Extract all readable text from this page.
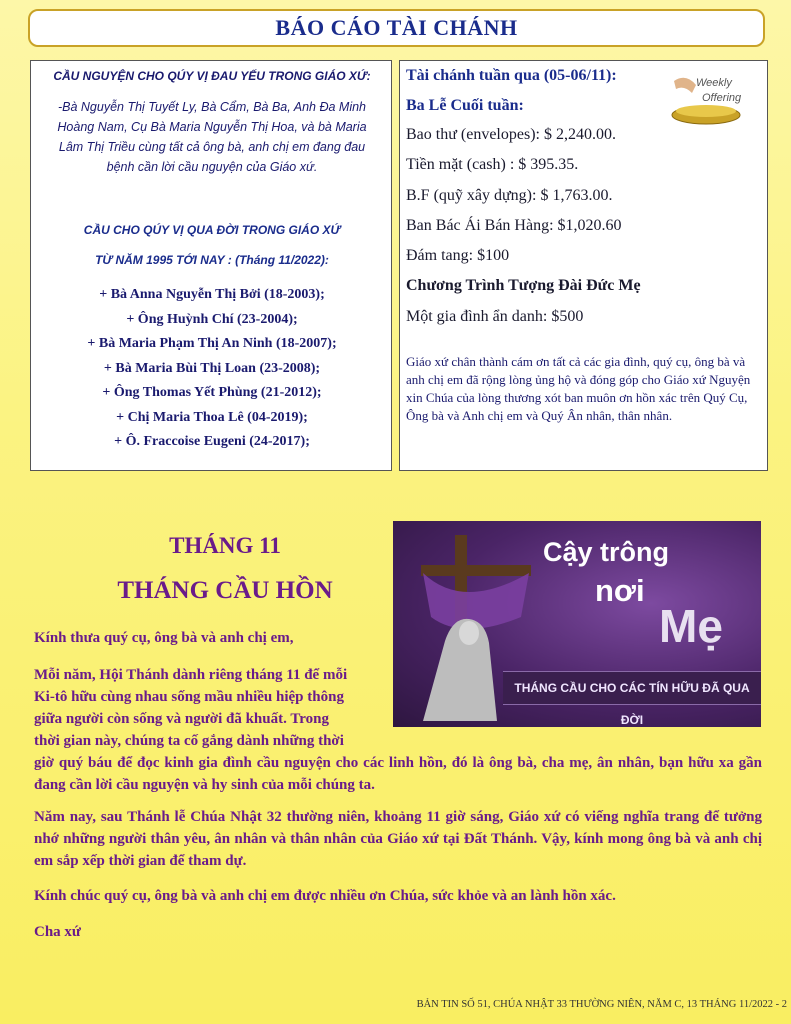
BÁO CÁO TÀI CHÁNH
CẦU NGUYỆN CHO QÚY VỊ ĐAU YẾU TRONG GIÁO XỨ:
-Bà Nguyễn Thị Tuyết Ly, Bà Cẩm, Bà Ba, Anh Đa Minh
Hoàng Nam, Cụ Bà Maria Nguyễn Thị Hoa, và bà Maria
Lâm Thị Triều cùng tất cả ông bà, anh chị em đang đau
bệnh cần lời cầu nguyện của Giáo xứ.
CẦU CHO QÚY VỊ QUA ĐỜI TRONG GIÁO XỨ
TỪ NĂM 1995 TỚI NAY : (Tháng 11/2022):
+ Bà Anna Nguyễn Thị Bởi (18-2003);
+ Ông Huỳnh Chí (23-2004);
+ Bà Maria Phạm Thị An Ninh (18-2007);
+ Bà Maria Bùi Thị Loan (23-2008);
+ Ông Thomas Yết Phùng (21-2012);
+ Chị Maria Thoa Lê (04-2019);
+ Ô. Fraccoise Eugeni (24-2017);
Tài chánh tuần qua (05-06/11):
Ba Lễ Cuối tuần:
Bao thư (envelopes): $ 2,240.00.
Tiền mặt (cash) : $ 395.35.
B.F (quỹ xây dựng): $ 1,763.00.
Ban Bác Ái Bán Hàng: $1,020.60
Đám tang: $100
Chương Trình Tượng Đài Đức Mẹ
Một gia đình ẩn danh: $500
Giáo xứ chân thành cám ơn tất cả các gia đình, quý cụ, ông bà và anh chị em đã rộng lòng ủng hộ và đóng góp cho Giáo xứ Nguyện xin Chúa của lòng thương xót ban muôn ơn hồn xác trên Quý Cụ, Ông bà và Anh chị em và Quý Ân nhân, thân nhân.
Weekly
Offering
THÁNG 11
THÁNG CẦU HỒN
Cậy trông
nơi
Mẹ
THÁNG CẦU CHO CÁC TÍN HỮU ĐÃ QUA ĐỜI
Kính thưa quý cụ, ông bà và anh chị em,
Mỗi năm, Hội Thánh dành riêng tháng 11 để mỗi
Ki-tô hữu cùng nhau sống mầu nhiều hiệp thông
giữa người còn sống và người đã khuất. Trong
thời gian này, chúng ta cố gắng dành những thời
giờ quý báu để đọc kinh gia đình cầu nguyện cho các linh hồn, đó là ông bà, cha mẹ, ân nhân, bạn hữu xa gần đang cần lời cầu nguyện và hy sinh của mỗi chúng ta.
Năm nay, sau Thánh lễ Chúa Nhật 32 thường niên, khoảng 11 giờ sáng, Giáo xứ có viếng nghĩa trang để tưởng nhớ những người thân yêu, ân nhân và thân nhân của Giáo xứ tại Đất Thánh. Vậy, kính mong ông bà và anh chị em sắp xếp thời gian để tham dự.
Kính chúc quý cụ, ông bà và anh chị em được nhiều ơn Chúa, sức khỏe và an lành hồn xác.
Cha xứ
BẢN TIN SỐ 51, CHÚA NHẬT 33 THƯỜNG NIÊN, NĂM C, 13 THÁNG 11/2022 - 2
